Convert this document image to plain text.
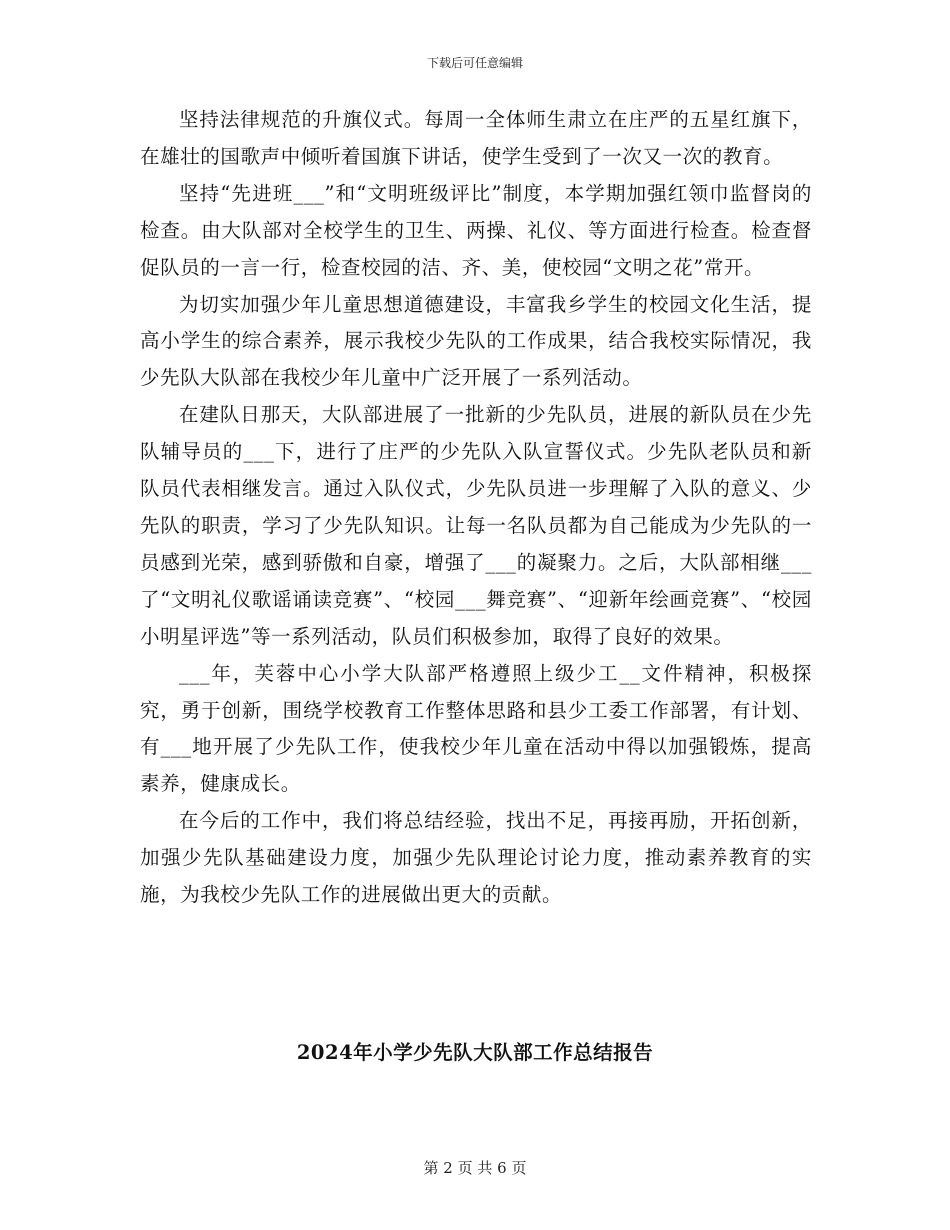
下载后可任意编辑

坚持法律规范的升旗仪式。每周一全体师生肃立在庄严的五星红旗下，在雄壮的国歌声中倾听着国旗下讲话，使学生受到了一次又一次的教育。

坚持“先进班___”和“文明班级评比”制度，本学期加强红领巾监督岗的检查。由大队部对全校学生的卫生、两操、礼仪、等方面进行检查。检查督促队员的一言一行，检查校园的洁、齐、美，使校园“文明之花”常开。

为切实加强少年儿童思想道德建设，丰富我乡学生的校园文化生活，提高小学生的综合素养，展示我校少先队的工作成果，结合我校实际情况，我少先队大队部在我校少年儿童中广泛开展了一系列活动。

在建队日那天，大队部进展了一批新的少先队员，进展的新队员在少先队辅导员的___下，进行了庄严的少先队入队宣誓仪式。少先队老队员和新队员代表相继发言。通过入队仪式，少先队员进一步理解了入队的意义、少先队的职责，学习了少先队知识。让每一名队员都为自己能成为少先队的一员感到光荣，感到骄傲和自豪，增强了___的凝聚力。之后，大队部相继___了“文明礼仪歌谣诵读竞赛”、“校园___舞竞赛”、“迎新年绘画竞赛”、“校园小明星评选”等一系列活动，队员们积极参加，取得了良好的效果。

___年，芙蓉中心小学大队部严格遵照上级少工__文件精神，积极探究，勇于创新，围绕学校教育工作整体思路和县少工委工作部署，有计划、有___地开展了少先队工作，使我校少年儿童在活动中得以加强锻炼，提高素养，健康成长。

在今后的工作中，我们将总结经验，找出不足，再接再励，开拓创新，加强少先队基础建设力度，加强少先队理论讨论力度，推动素养教育的实施，为我校少先队工作的进展做出更大的贡献。

2024年小学少先队大队部工作总结报告
第 2 页 共 6 页
